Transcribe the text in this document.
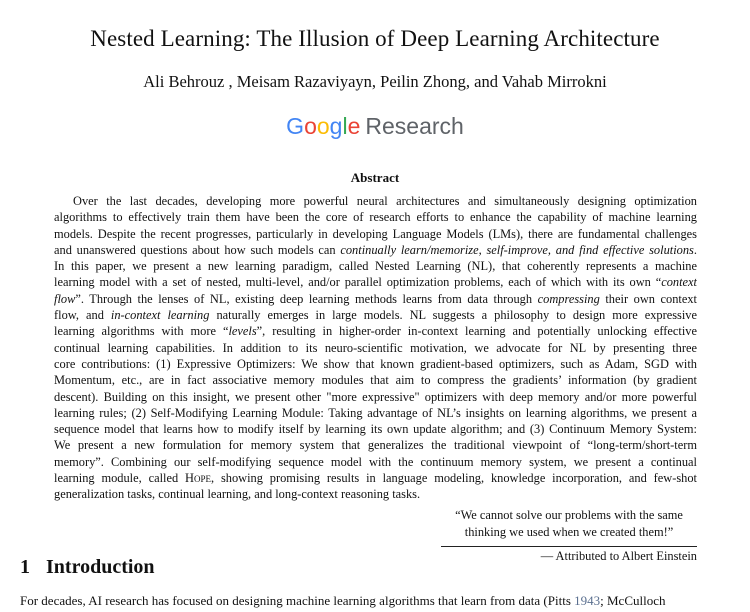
Nested Learning: The Illusion of Deep Learning Architecture
Ali Behrouz , Meisam Razaviyayn, Peilin Zhong, and Vahab Mirrokni
Google Research
Abstract
Over the last decades, developing more powerful neural architectures and simultaneously designing optimization
algorithms to effectively train them have been the core of research efforts to enhance the capability of machine learning
models. Despite the recent progresses, particularly in developing Language Models (LMs), there are fundamental challenges
and unanswered questions about how such models can continually learn/memorize, self-improve, and find effective solutions.
In this paper, we present a new learning paradigm, called Nested Learning (NL), that coherently represents a machine
learning model with a set of nested, multi-level, and/or parallel optimization problems, each of which with its own “context
flow”. Through the lenses of NL, existing deep learning methods learns from data through compressing their own context
flow, and in-context learning naturally emerges in large models. NL suggests a philosophy to design more expressive
learning algorithms with more “levels”, resulting in higher-order in-context learning and potentially unlocking effective
continual learning capabilities. In addition to its neuro-scientific motivation, we advocate for NL by presenting three
core contributions: (1) Expressive Optimizers: We show that known gradient-based optimizers, such as Adam, SGD with
Momentum, etc., are in fact associative memory modules that aim to compress the gradients’ information (by gradient
descent). Building on this insight, we present other "more expressive" optimizers with deep memory and/or more powerful
learning rules; (2) Self-Modifying Learning Module: Taking advantage of NL’s insights on learning algorithms, we present a
sequence model that learns how to modify itself by learning its own update algorithm; and (3) Continuum Memory System:
We present a new formulation for memory system that generalizes the traditional viewpoint of “long-term/short-term
memory”. Combining our self-modifying sequence model with the continuum memory system, we present a continual
learning module, called Hope, showing promising results in language modeling, knowledge incorporation, and few-shot
generalization tasks, continual learning, and long-context reasoning tasks.
“We cannot solve our problems with the same
thinking we used when we created them!”
— Attributed to Albert Einstein
1 Introduction
For decades, AI research has focused on designing machine learning algorithms that learn from data (Pitts 1943; McCulloch
